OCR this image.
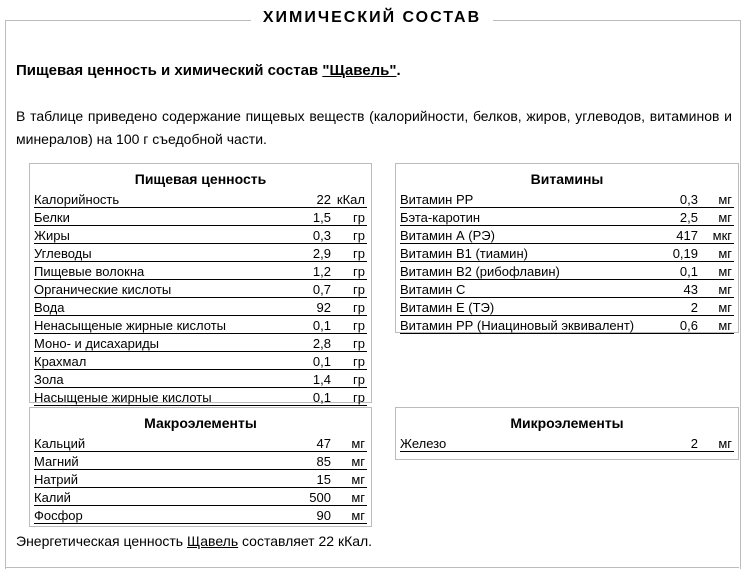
ХИМИЧЕСКИЙ СОСТАВ
Пищевая ценность и химический состав "Щавель".

В таблице приведено содержание пищевых веществ (калорийности, белков, жиров, углеводов, витаминов и минералов) на 100 г съедобной части.

Пищевая ценность
Калорийность	22 кКал
Белки	1,5	гр
Жиры	0,3	гр
Углеводы	2,9	гр
Пищевые волокна	1,2	гр
Органические кислоты	0,7	гр
Вода	92	гр
Ненасыщеные жирные кислоты	0,1	гр
Моно- и дисахариды	2,8	гр
Крахмал	0,1	гр
Зола	1,4	гр
Насыщеные жирные кислоты	0,1	гр
Витамины
Витамин РР	0,3	мг
Бэта-каротин	2,5	мг
Витамин А (РЭ)	417	мкг
Витамин В1 (тиамин)	0,19	мг
Витамин В2 (рибофлавин)	0,1	мг
Витамин С	43	мг
Витамин Е (ТЭ)	2	мг
Витамин РР (Ниациновый эквивалент)	0,6	мг
Макроэлементы
Кальций	47	мг
Магний	85	мг
Натрий	15	мг
Калий	500	мг
Фосфор	90	мг
Микроэлементы
Железо	2	мг
Энергетическая ценность Щавель составляет 22 кКал.
